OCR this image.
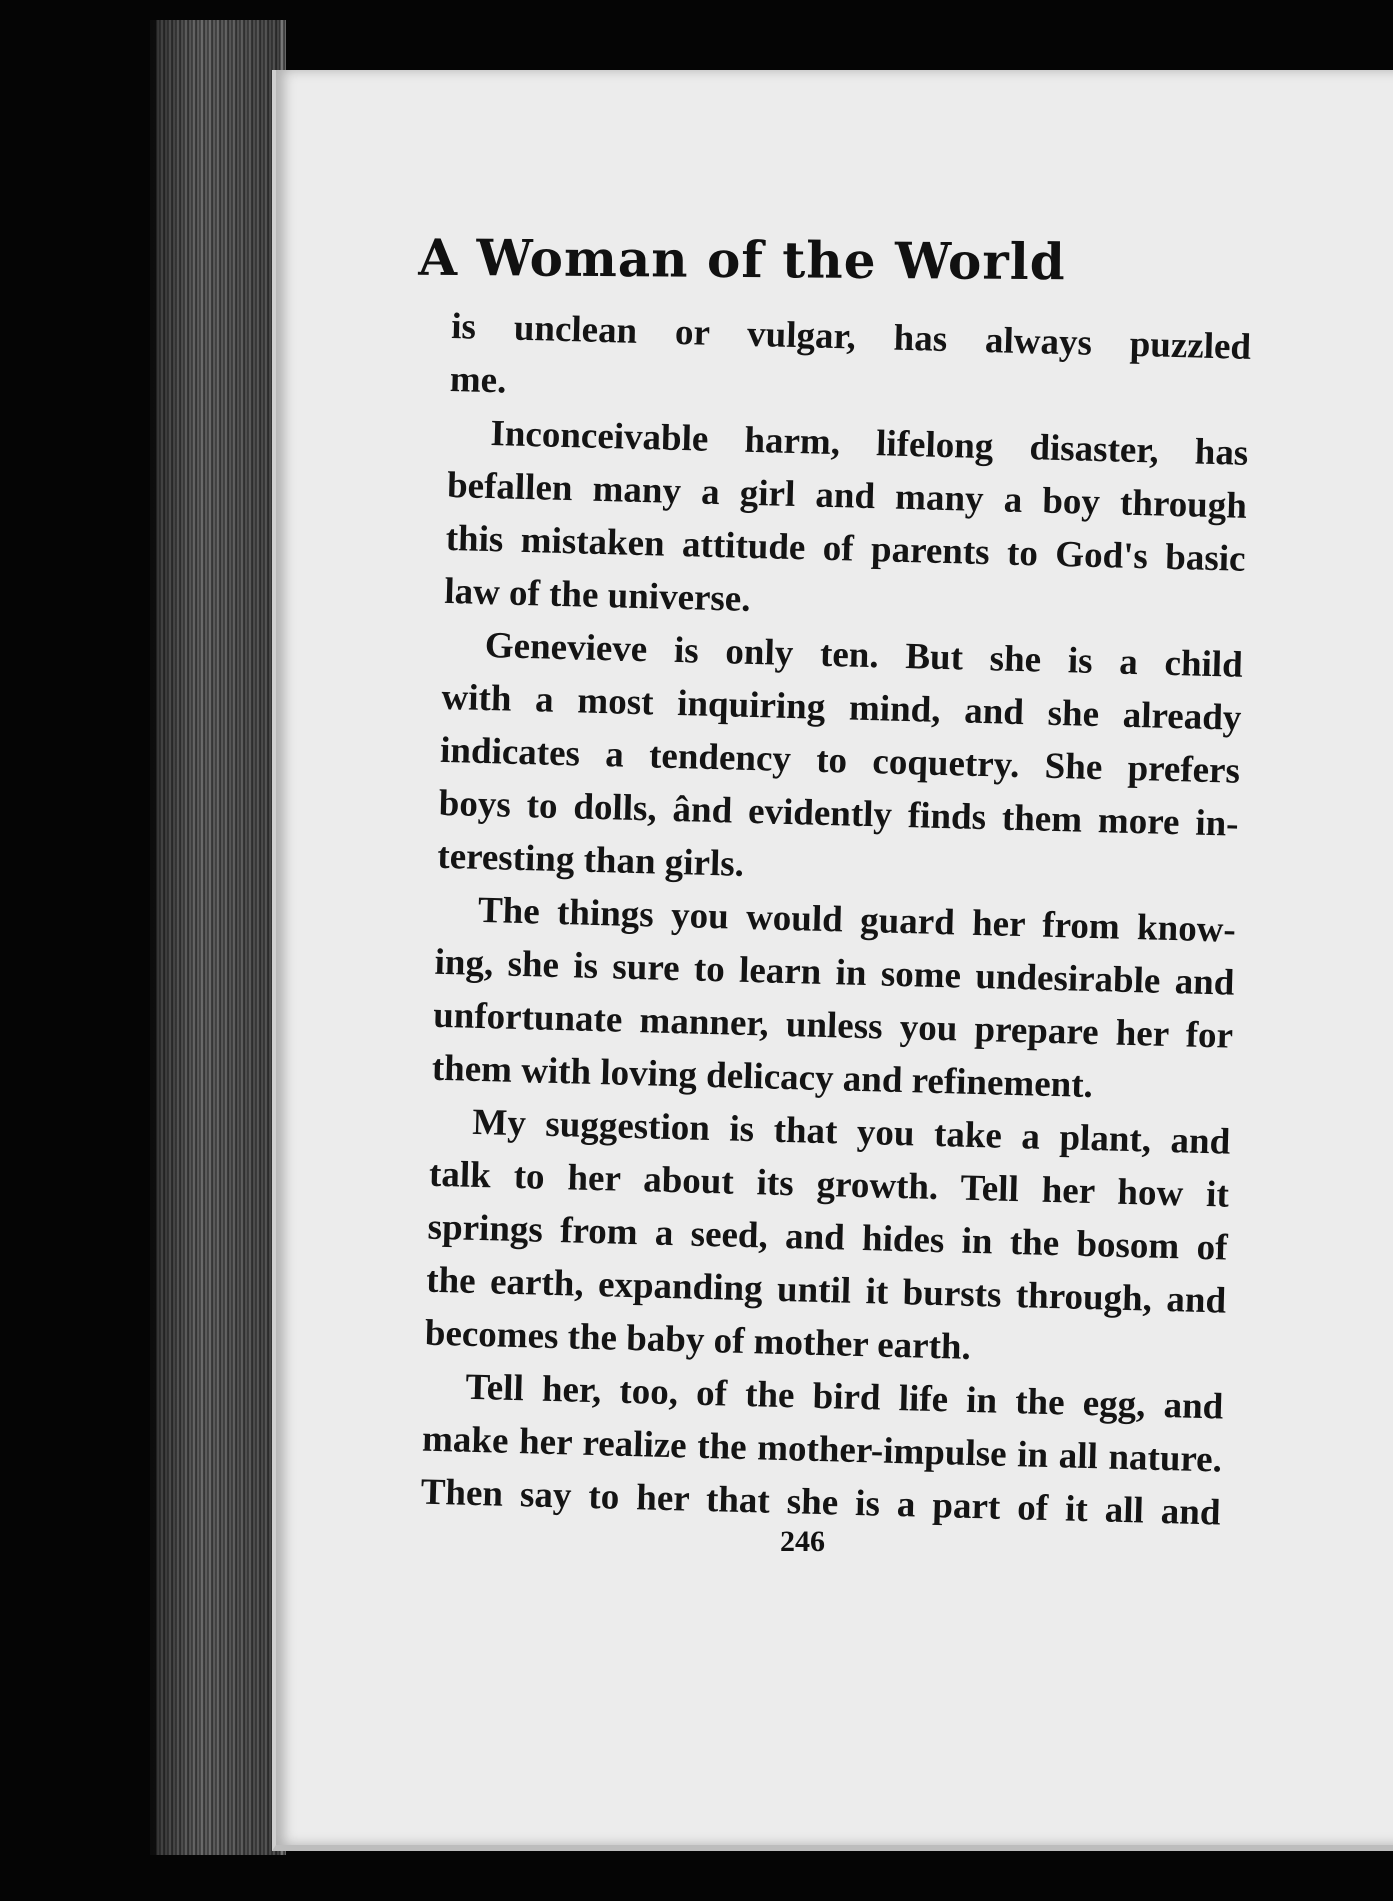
A Woman of the World

is unclean or vulgar, has always puzzled
me.

Inconceivable harm, lifelong disaster, has
befallen many a girl and many a boy through
this mistaken attitude of parents to God's basic
law of the universe.

Genevieve is only ten. But she is a child
with a most inquiring mind, and she already
indicates a tendency to coquetry. She prefers
boys to dolls, ând evidently finds them more in-
teresting than girls.

The things you would guard her from know-
ing, she is sure to learn in some undesirable and
unfortunate manner, unless you prepare her for
them with loving delicacy and refinement.

My suggestion is that you take a plant, and
talk to her about its growth. Tell her how it
springs from a seed, and hides in the bosom of
the earth, expanding until it bursts through, and
becomes the baby of mother earth.

Tell her, too, of the bird life in the egg, and
make her realize the mother-impulse in all nature.
Then say to her that she is a part of it all and

246
